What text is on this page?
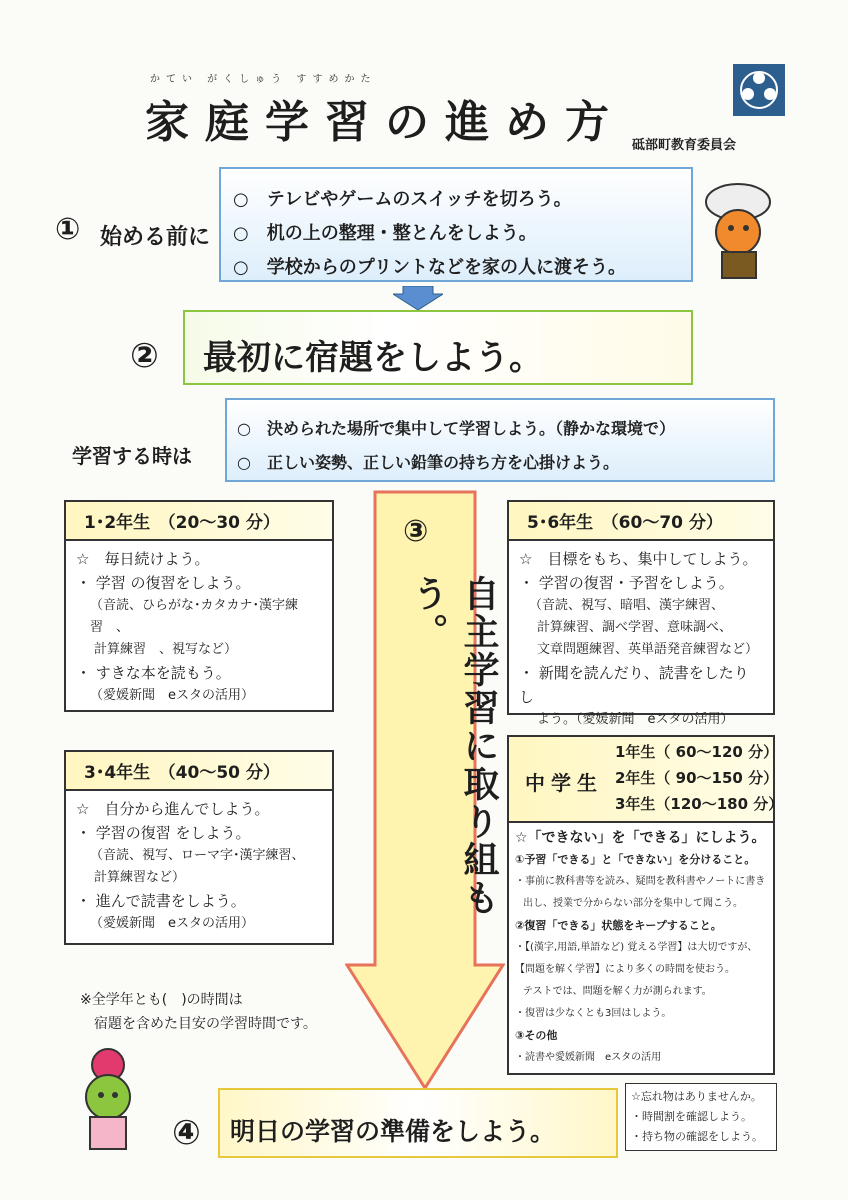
かてい がくしゅう すすめかた
家庭学習の進め方 砥部町教育委員会
① 始める前に
○　テレビやゲームのスイッチを切ろう。
○　机の上の整理・整とんをしよう。
○　学校からのプリントなどを家の人に渡そう。
② 最初に宿題をしよう。
学習する時は
○　決められた場所で集中して学習しよう。（静かな環境で）
○　正しい姿勢、正しい鉛筆の持ち方を心掛けよう。
③
自主学習に取り組もう。
1･2年生　（20～30 分）
☆　毎日続けよう。
・ 学習 の復習をしよう。
（音読、ひらがな･カタカナ･漢字練習　、
計算練習　、視写など）
・ すきな本を読もう。
（愛媛新聞　eスタの活用）
3･4年生　（40～50 分）
☆　自分から進んでしよう。
・ 学習の復習 をしよう。
（音読、視写、ローマ字･漢字練習、
計算練習など）
・ 進んで読書をしよう。
（愛媛新聞　eスタの活用）
5･6年生　（60～70 分）
☆　目標をもち、集中してしよう。
・ 学習の復習・予習をしよう。
（音読、視写、暗唱、漢字練習、
計算練習、調べ学習、意味調べ、
文章問題練習、英単語発音練習など）
・ 新聞を読んだり、読書をしたりし
よう。（愛媛新聞　eスタの活用）
中学生
1年生（ 60～120 分）
2年生（ 90～150 分）
3年生（120～180 分）
☆「できない」を「できる」にしよう。
①予習「できる」と「できない」を分けること。
・事前に教科書等を読み、疑問を教科書やノートに書き
出し、授業で分からない部分を集中して聞こう。
②復習「できる」状態をキープすること。
・【(漢字,用語,単語など) 覚える学習】は大切ですが、
【問題を解く学習】により多くの時間を使おう。
テストでは、問題を解く力が測られます。
・復習は少なくとも3回はしよう。
③その他
・読書や愛媛新聞　eスタの活用
※全学年とも(　)の時間は
宿題を含めた目安の学習時間です。
④ 明日の学習の準備をしよう。
☆忘れ物はありませんか。
・時間割を確認しよう。
・持ち物の確認をしよう。
